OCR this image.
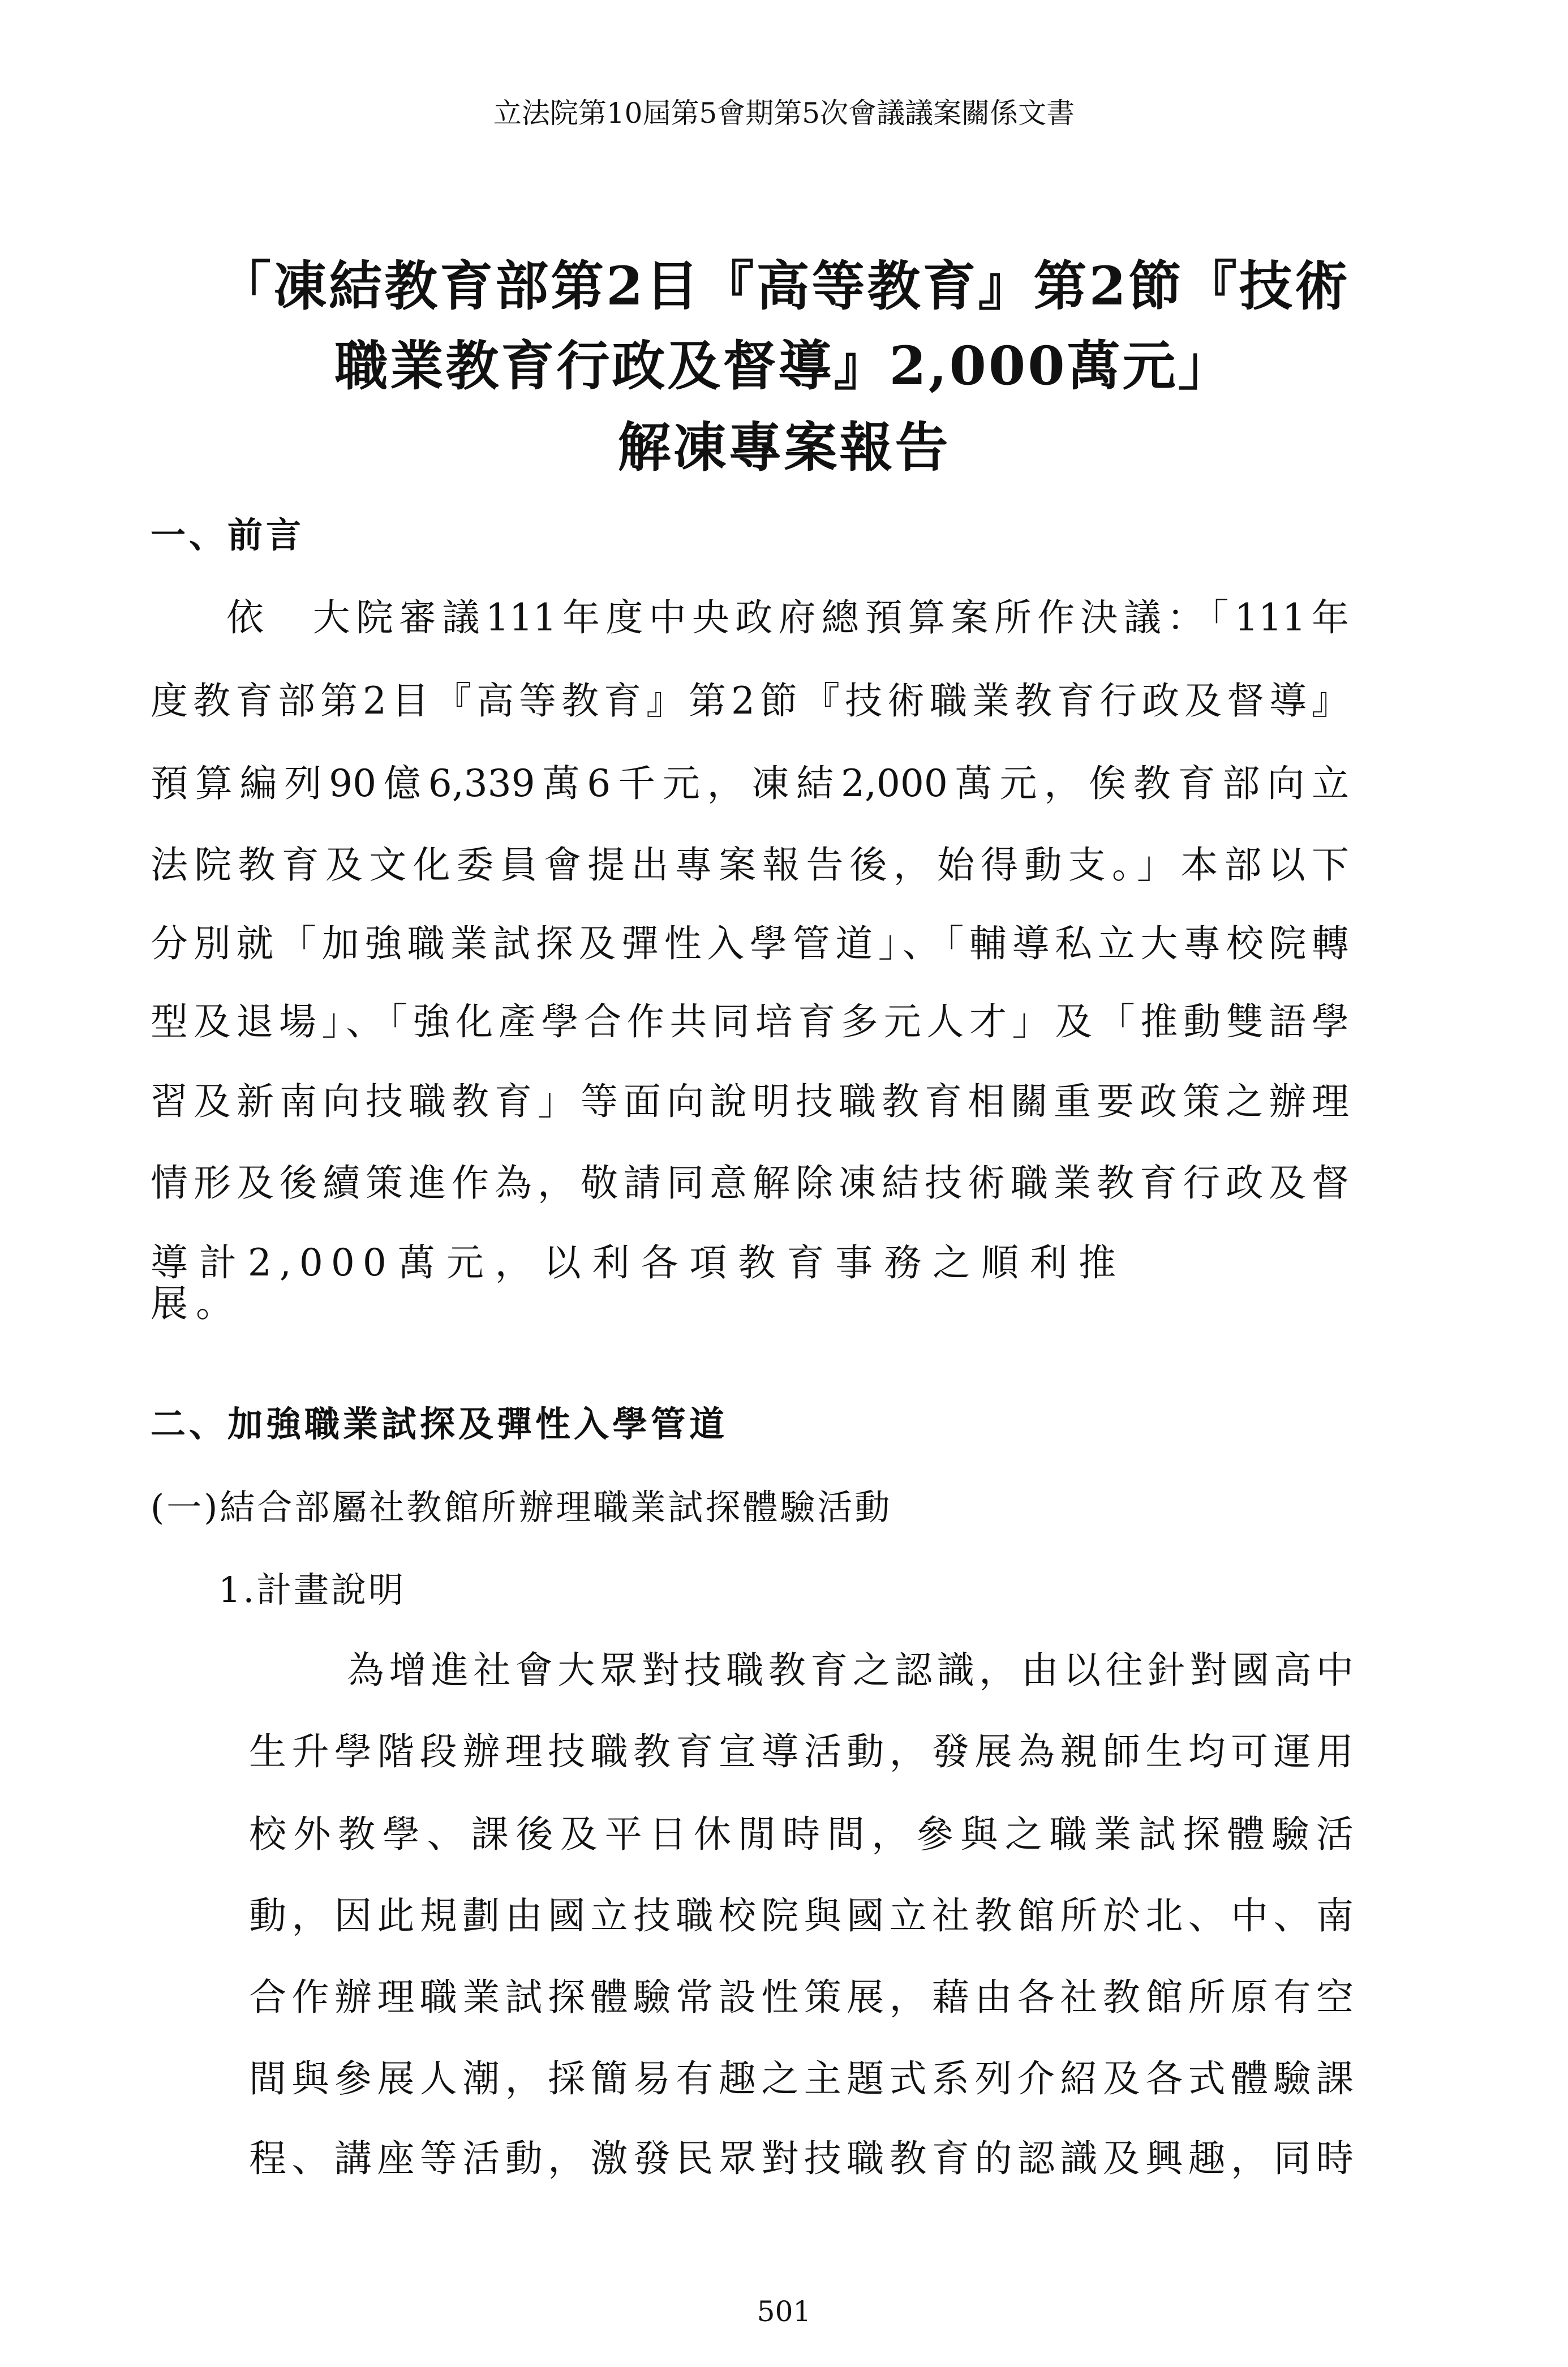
立法院第10屆第5會期第5次會議議案關係文書
「凍結教育部第2目『高等教育』第2節『技術
職業教育行政及督導』2,000萬元」
解凍專案報告
一、前言
依　大院審議111年度中央政府總預算案所作決議：「111年
度教育部第2目『高等教育』第2節『技術職業教育行政及督導』
預算編列90億6,339萬6千元，凍結2,000萬元，俟教育部向立
法院教育及文化委員會提出專案報告後，始得動支。」本部以下
分別就「加強職業試探及彈性入學管道」、「輔導私立大專校院轉
型及退場」、「強化產學合作共同培育多元人才」及「推動雙語學
習及新南向技職教育」等面向說明技職教育相關重要政策之辦理
情形及後續策進作為，敬請同意解除凍結技術職業教育行政及督
導計2,000萬元，以利各項教育事務之順利推展。
二、加強職業試探及彈性入學管道
(一)結合部屬社教館所辦理職業試探體驗活動
1.計畫說明
為增進社會大眾對技職教育之認識，由以往針對國高中
生升學階段辦理技職教育宣導活動，發展為親師生均可運用
校外教學、課後及平日休閒時間，參與之職業試探體驗活
動，因此規劃由國立技職校院與國立社教館所於北、中、南
合作辦理職業試探體驗常設性策展，藉由各社教館所原有空
間與參展人潮，採簡易有趣之主題式系列介紹及各式體驗課
程、講座等活動，激發民眾對技職教育的認識及興趣，同時
501
